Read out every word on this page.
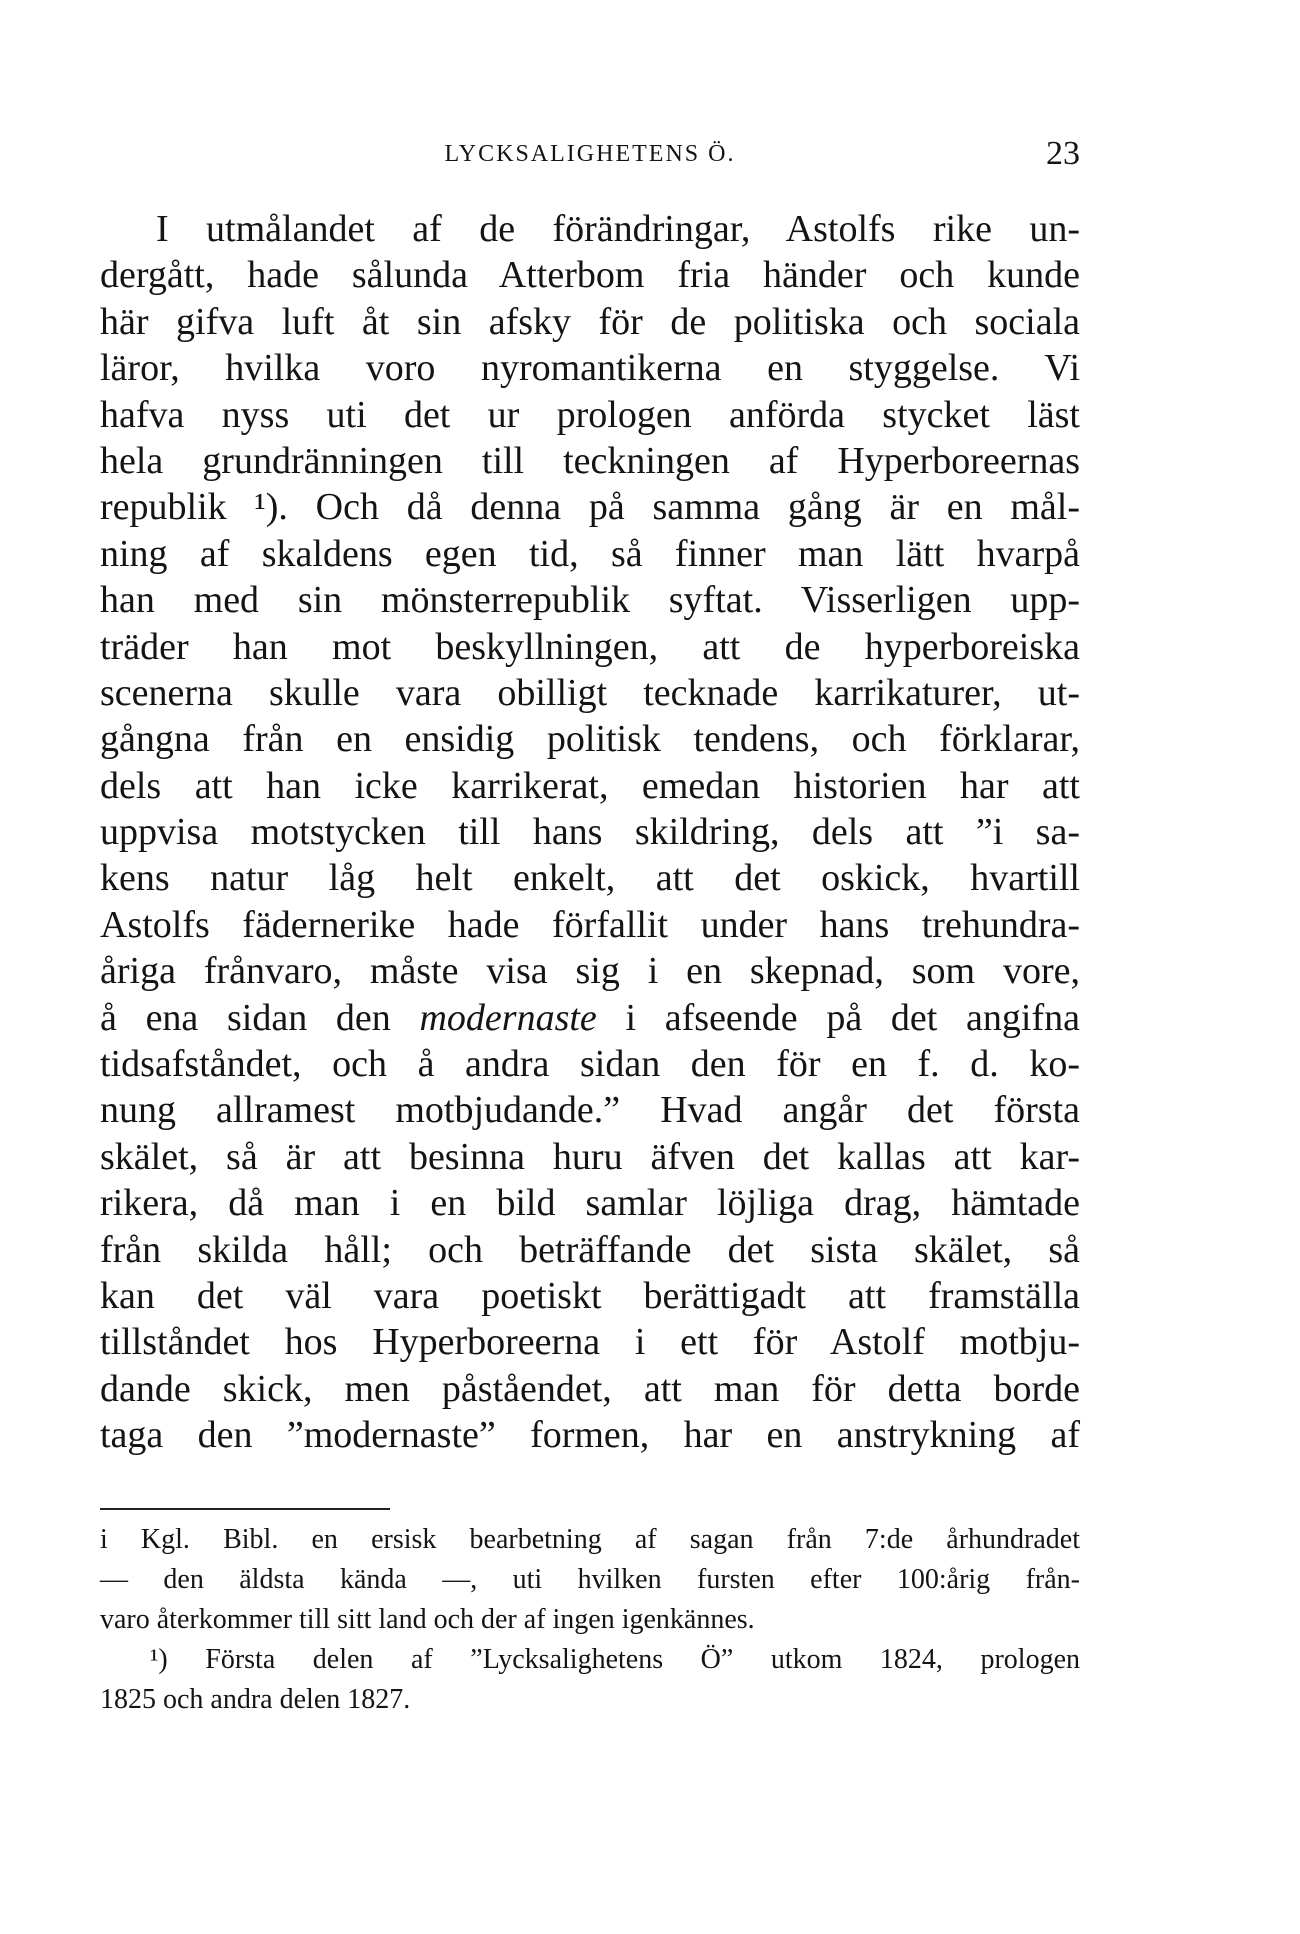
LYCKSALIGHETENS Ö.	23
I utmålandet af de förändringar, Astolfs rike un-
dergått, hade sålunda Atterbom fria händer och kunde
här gifva luft åt sin afsky för de politiska och sociala
läror, hvilka voro nyromantikerna en styggelse. Vi
hafva nyss uti det ur prologen anförda stycket läst
hela grundränningen till teckningen af Hyperboreernas
republik ¹). Och då denna på samma gång är en mål-
ning af skaldens egen tid, så finner man lätt hvarpå
han med sin mönsterrepublik syftat. Visserligen upp-
träder han mot beskyllningen, att de hyperboreiska
scenerna skulle vara obilligt tecknade karrikaturer, ut-
gångna från en ensidig politisk tendens, och förklarar,
dels att han icke karrikerat, emedan historien har att
uppvisa motstycken till hans skildring, dels att ”i sa-
kens natur låg helt enkelt, att det oskick, hvartill
Astolfs fädernerike hade förfallit under hans trehundra-
åriga frånvaro, måste visa sig i en skepnad, som vore,
å ena sidan den modernaste i afseende på det angifna
tidsafståndet, och å andra sidan den för en f. d. ko-
nung allramest motbjudande.” Hvad angår det första
skälet, så är att besinna huru äfven det kallas att kar-
rikera, då man i en bild samlar löjliga drag, hämtade
från skilda håll; och beträffande det sista skälet, så
kan det väl vara poetiskt berättigadt att framställa
tillståndet hos Hyperboreerna i ett för Astolf motbju-
dande skick, men påståendet, att man för detta borde
taga den ”modernaste” formen, har en anstrykning af
i Kgl. Bibl. en ersisk bearbetning af sagan från 7:de århundradet
— den äldsta kända —, uti hvilken fursten efter 100:årig från-
varo återkommer till sitt land och der af ingen igenkännes.
¹) Första delen af ”Lycksalighetens Ö” utkom 1824, prologen
1825 och andra delen 1827.
